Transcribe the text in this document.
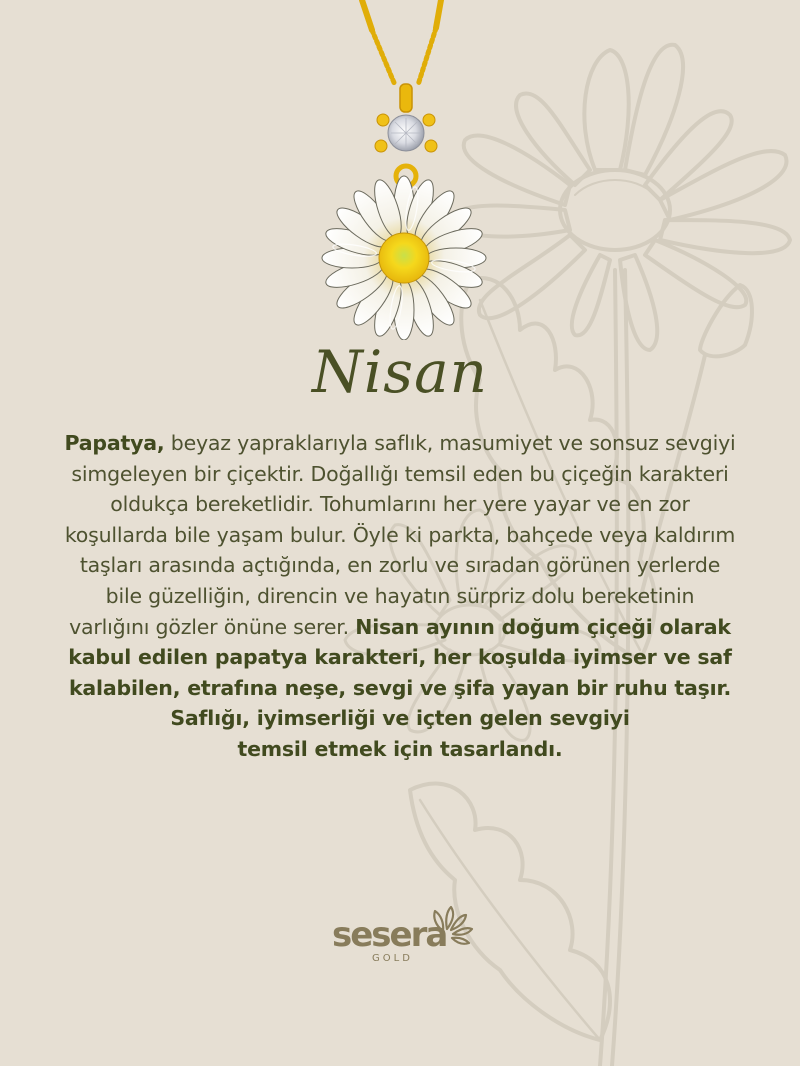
Nisan
Papatya, beyaz yapraklarıyla saflık, masumiyet ve sonsuz sevgiyi
simgeleyen bir çiçektir. Doğallığı temsil eden bu çiçeğin karakteri
oldukça bereketlidir. Tohumlarını her yere yayar ve en zor
koşullarda bile yaşam bulur. Öyle ki parkta, bahçede veya kaldırım
taşları arasında açtığında, en zorlu ve sıradan görünen yerlerde
bile güzelliğin, direncin ve hayatın sürpriz dolu bereketinin
varlığını gözler önüne serer. Nisan ayının doğum çiçeği olarak
kabul edilen papatya karakteri, her koşulda iyimser ve saf
kalabilen, etrafına neşe, sevgi ve şifa yayan bir ruhu taşır.
Saflığı, iyimserliği ve içten gelen sevgiyi
temsil etmek için tasarlandı.
sesera
GOLD
